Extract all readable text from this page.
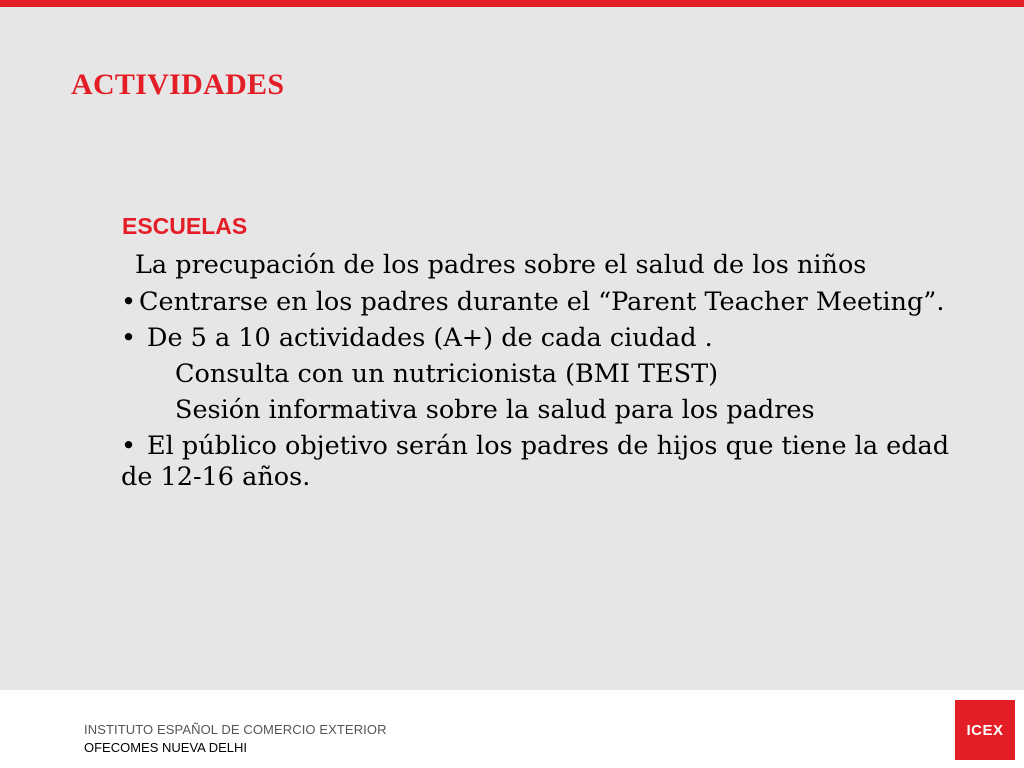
ACTIVIDADES
ESCUELAS

La precupación de los padres sobre el salud de los niños

• Centrarse en los padres durante el “Parent Teacher Meeting”.

• De 5 a 10 actividades (A+) de cada ciudad .

Consulta con un nutricionista (BMI TEST)

Sesión informativa sobre la salud para los padres

• El público objetivo serán los padres de hijos que tiene la edad de 12-16 años.

INSTITUTO ESPAÑOL DE COMERCIO EXTERIOR
OFECOMES NUEVA DELHI
ICEX
